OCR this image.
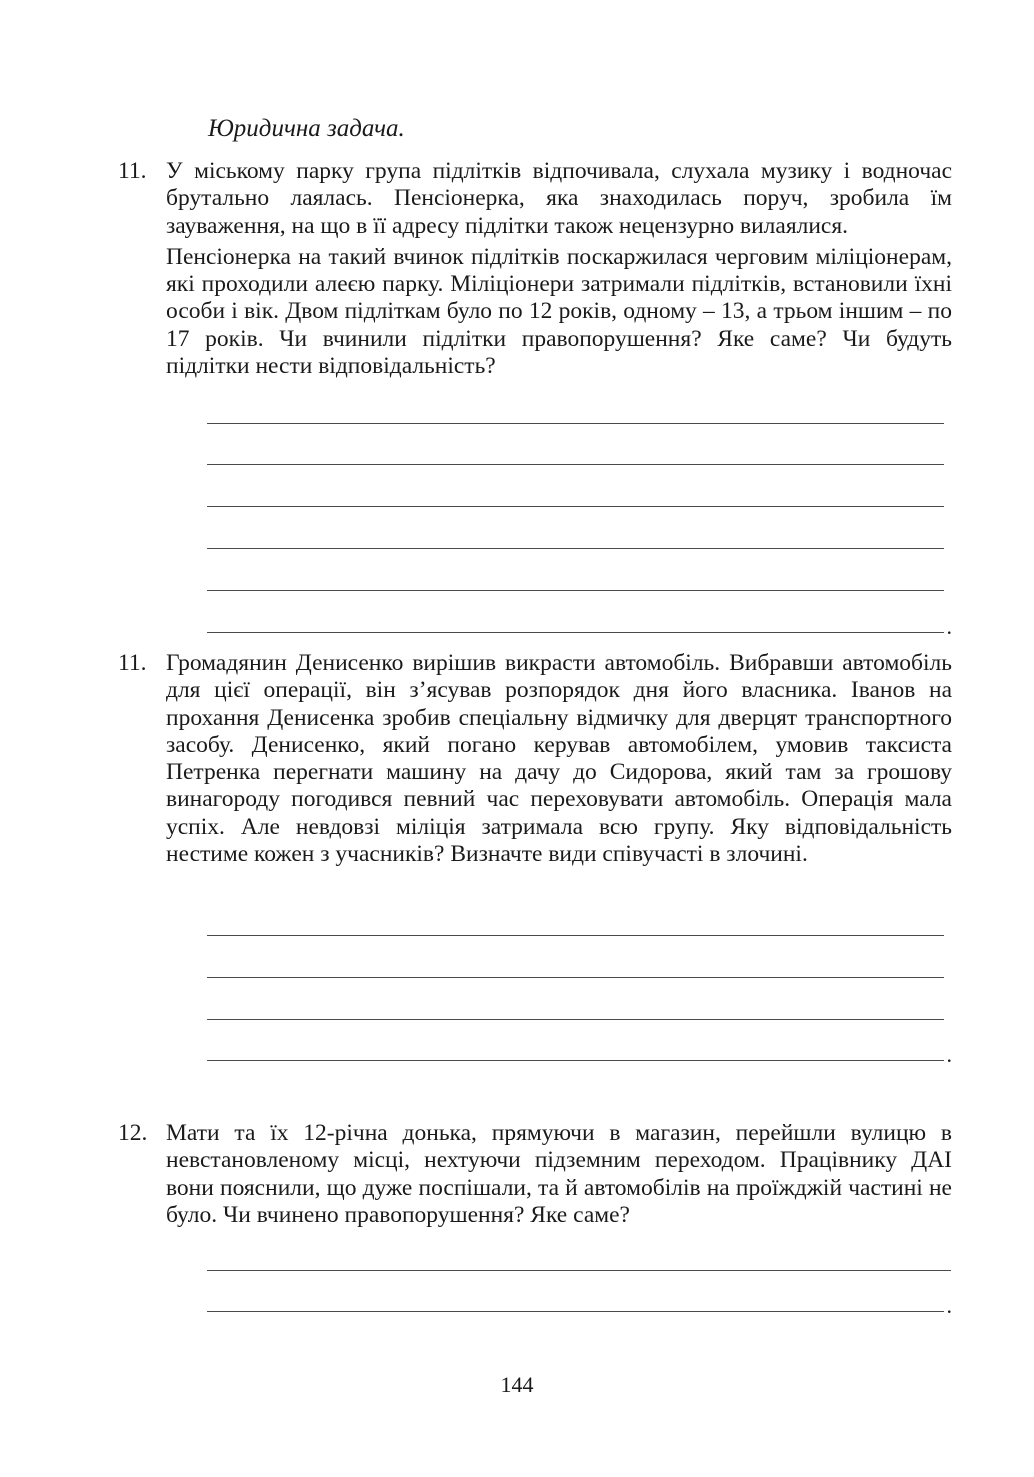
Юридична задача.
11. У міському парку група підлітків відпочивала, слухала музику і водночас брутально лаялась. Пенсіонерка, яка знаходилась поруч, зробила їм зауваження, на що в її адресу підлітки також нецензурно вилаялися.

Пенсіонерка на такий вчинок підлітків поскаржилася черговим міліціонерам, які проходили алеєю парку. Міліціонери затримали підлітків, встановили їхні особи і вік. Двом підліткам було по 12 років, одному – 13, а трьом іншим – по 17 років. Чи вчинили підлітки правопорушення? Яке саме? Чи будуть підлітки нести відповідальність?

.
11. Громадянин Денисенко вирішив викрасти автомобіль. Вибравши автомобіль для цієї операції, він з’ясував розпорядок дня його власника. Іванов на прохання Денисенка зробив спеціальну відмичку для дверцят транспортного засобу. Денисенко, який погано керував автомобілем, умовив таксиста Петренка перегнати машину на дачу до Сидорова, який там за грошову винагороду погодився певний час переховувати автомобіль. Операція мала успіх. Але невдовзі міліція затримала всю групу. Яку відповідальність нестиме кожен з учасників? Визначте види співучасті в злочині.

.
12. Мати та їх 12-річна донька, прямуючи в магазин, перейшли вулицю в невстановленому місці, нехтуючи підземним переходом. Працівнику ДАІ вони пояснили, що дуже поспішали, та й автомобілів на проїжджій частині не було. Чи вчинено правопорушення? Яке саме?

.
144
